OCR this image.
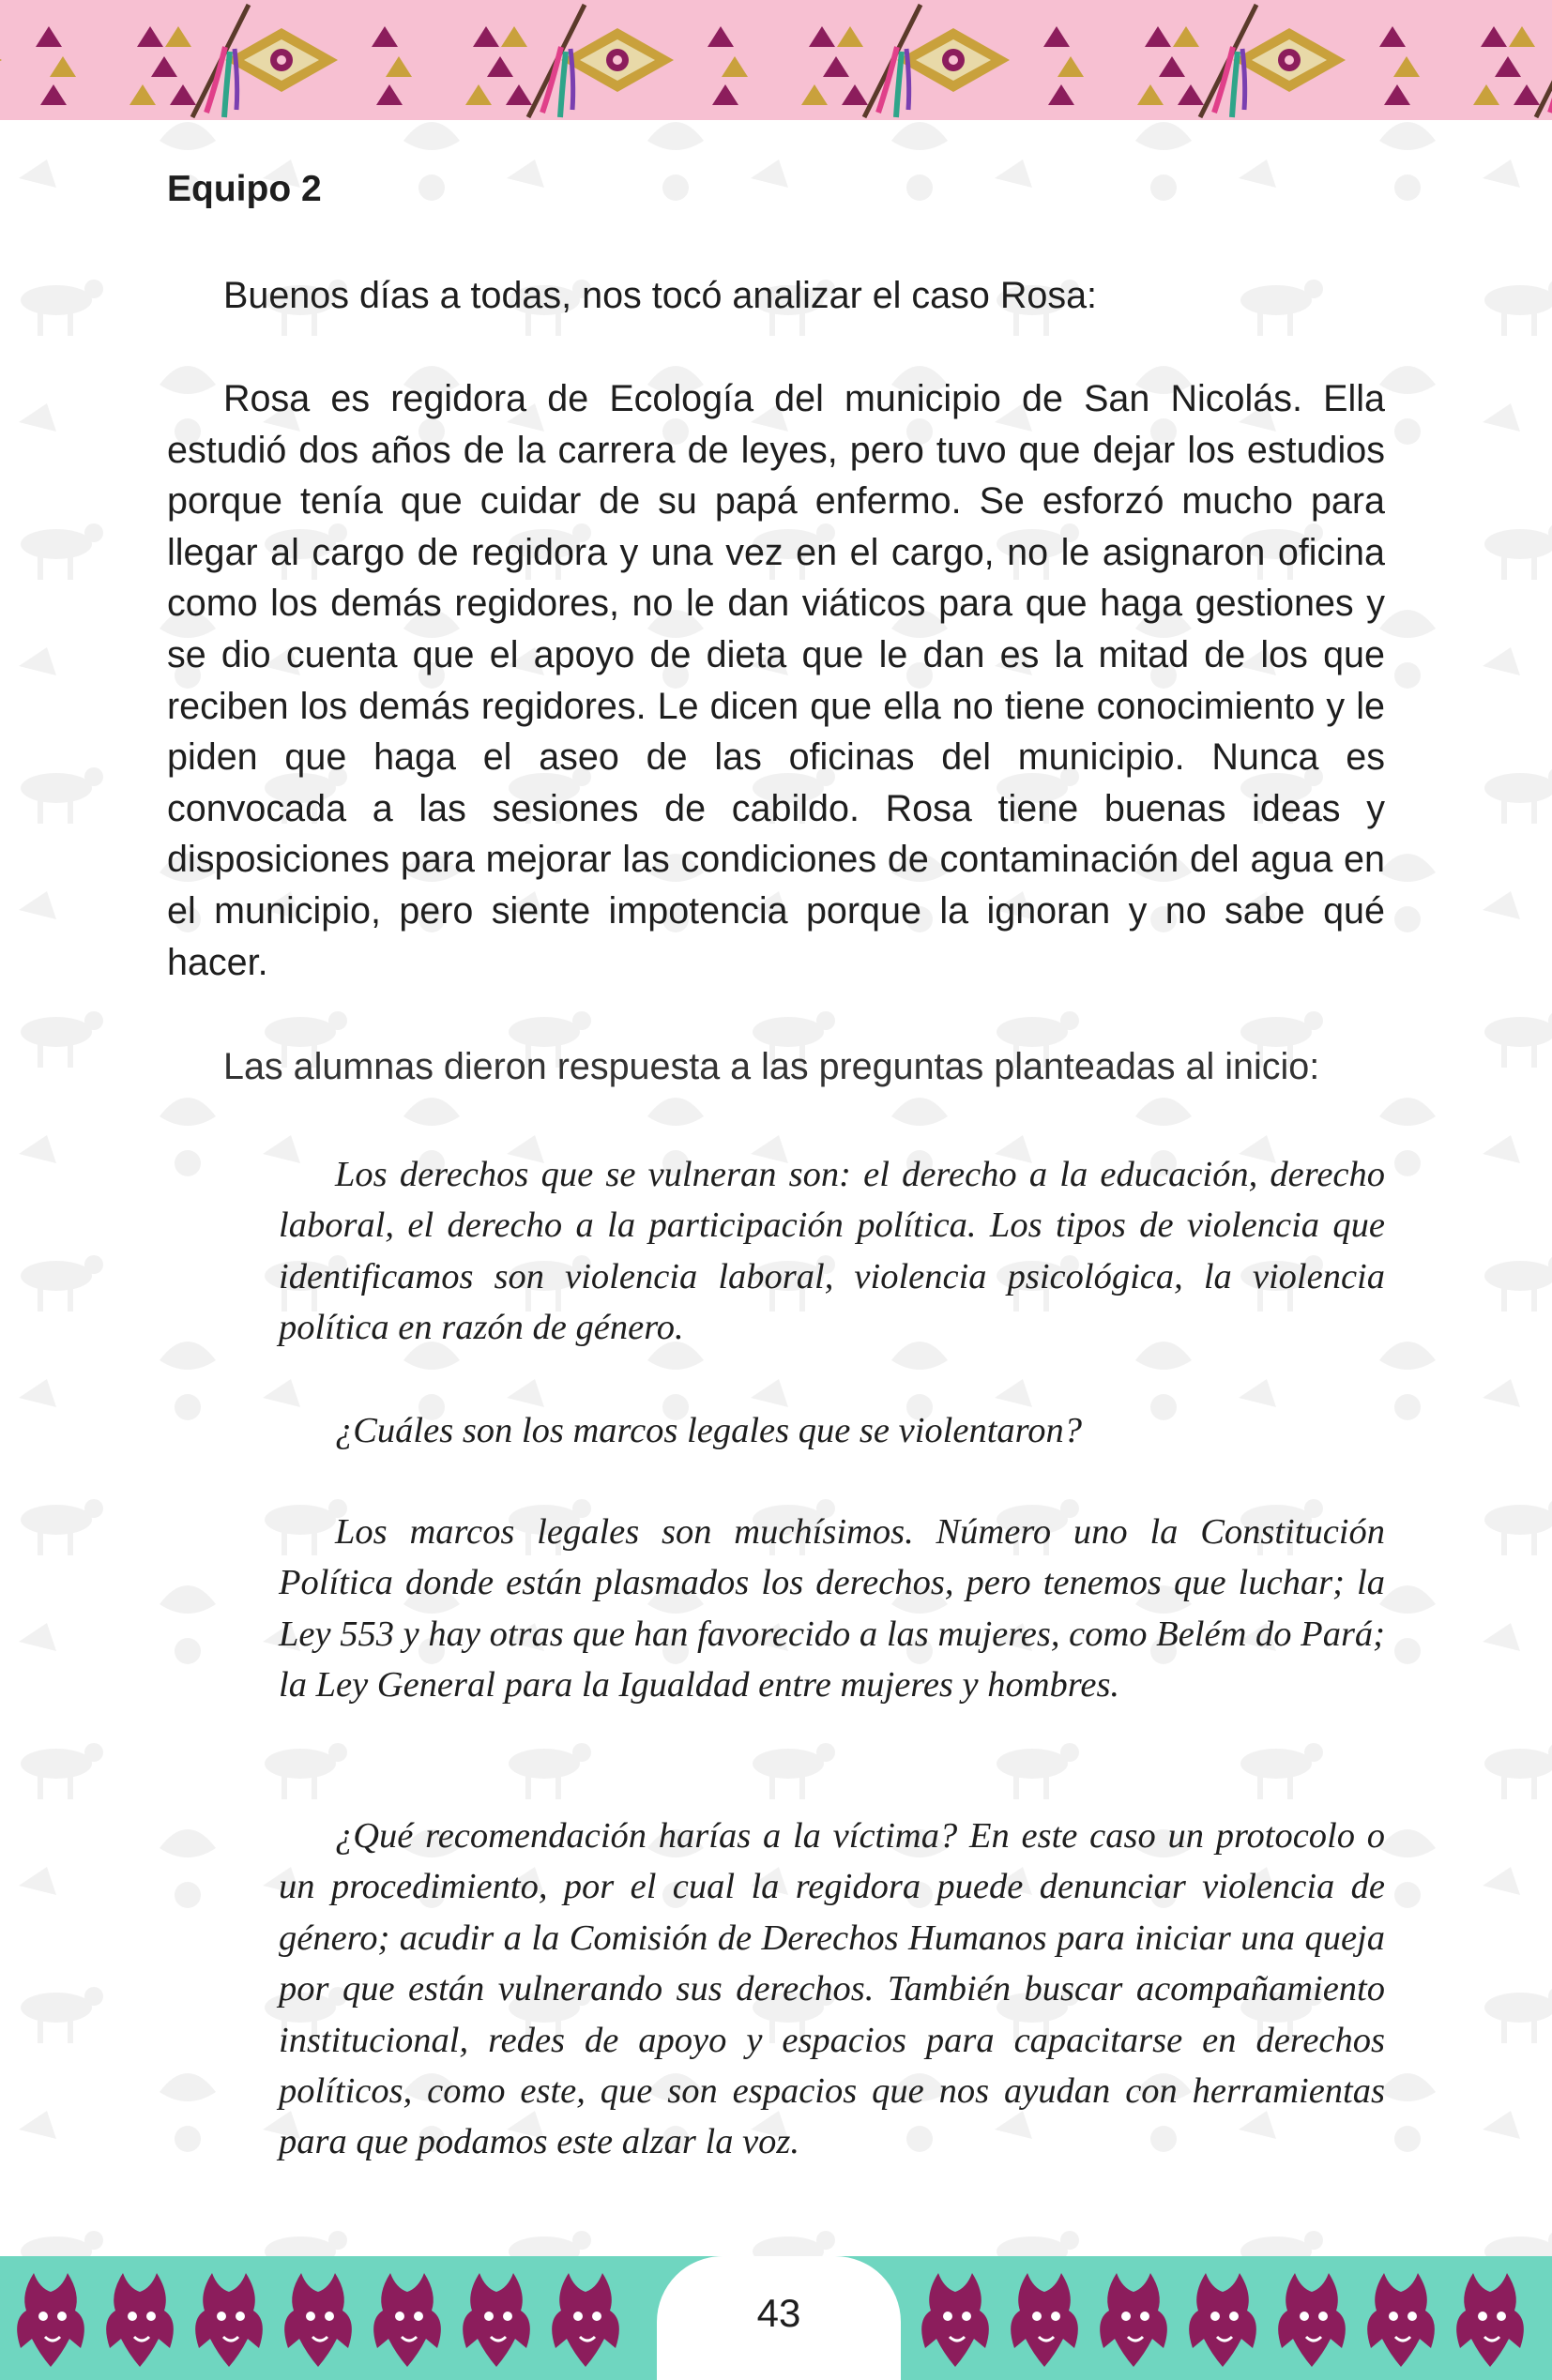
43
Equipo 2

Buenos días a todas, nos tocó analizar el caso Rosa:

Rosa es regidora de Ecología del municipio de San Nicolás. Ella estudió dos años de la carrera de leyes, pero tuvo que dejar los estudios porque tenía que cuidar de su papá enfermo. Se esforzó mucho para llegar al cargo de regidora y una vez en el cargo, no le asignaron oficina como los demás regidores, no le dan viáticos para que haga gestiones y se dio cuenta que el apoyo de dieta que le dan es la mitad de los que reciben los demás regidores. Le dicen que ella no tiene conocimiento y le piden que haga el aseo de las oficinas del municipio. Nunca es convocada a las sesiones de cabildo. Rosa tiene buenas ideas y disposiciones para mejorar las condiciones de contaminación del agua en el municipio, pero siente impotencia porque la ignoran y no sabe qué hacer.

Las alumnas dieron respuesta a las preguntas planteadas al inicio:

Los derechos que se vulneran son: el derecho a la educación, derecho laboral, el derecho a la participación política. Los tipos de violencia que identificamos son violencia laboral, violencia psicológica, la violencia política en razón de género.

¿Cuáles son los marcos legales que se violentaron?

Los marcos legales son muchísimos. Número uno la Constitución Política donde están plasmados los derechos, pero tenemos que luchar; la Ley 553 y hay otras que han favorecido a las mujeres, como Belém do Pará; la Ley General para la Igualdad entre mujeres y hombres.

¿Qué recomendación harías a la víctima? En este caso un protocolo o un procedimiento, por el cual la regidora puede denunciar violencia de género; acudir a la Comisión de Derechos Humanos para iniciar una queja por que están vulnerando sus derechos. También buscar acompañamiento institucional, redes de apoyo y espacios para capacitarse en derechos políticos, como este, que son espacios que nos ayudan con herramientas para que podamos este alzar la voz.
